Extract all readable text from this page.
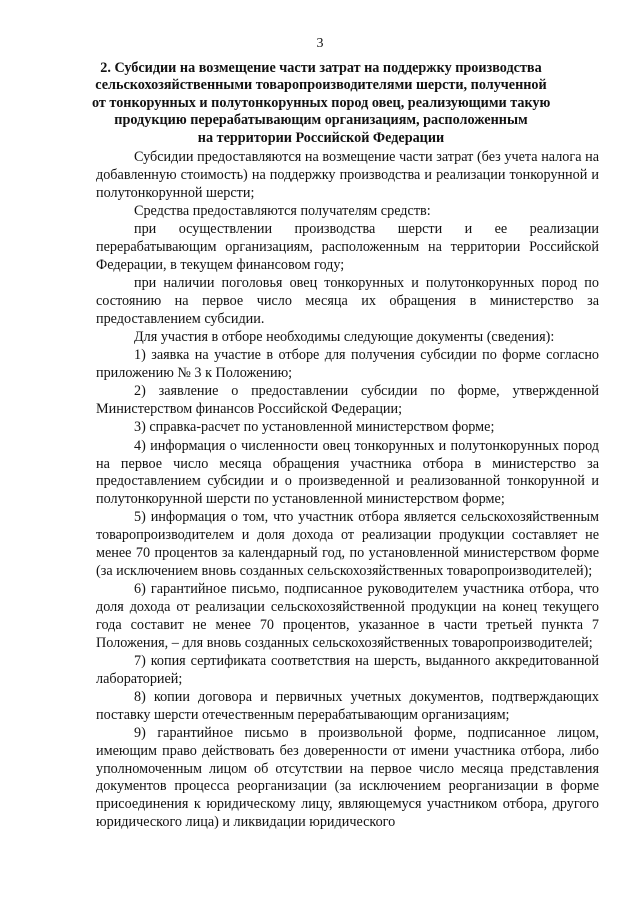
3
2. Субсидии на возмещение части затрат на поддержку производства
сельскохозяйственными товаропроизводителями шерсти, полученной
от тонкорунных и полутонкорунных пород овец, реализующими такую
продукцию перерабатывающим организациям, расположенным
на территории Российской Федерации

Субсидии предоставляются на возмещение части затрат (без учета налога на добавленную стоимость) на поддержку производства и реализации тонкорунной и полутонкорунной шерсти;

Средства предоставляются получателям средств:

при осуществлении производства шерсти и ее реализации перерабатывающим организациям, расположенным на территории Российской Федерации, в текущем финансовом году;

при наличии поголовья овец тонкорунных и полутонкорунных пород по состоянию на первое число месяца их обращения в министерство за предоставлением субсидии.

Для участия в отборе необходимы следующие документы (сведения):

1) заявка на участие в отборе для получения субсидии по форме согласно приложению № 3 к Положению;

2) заявление о предоставлении субсидии по форме, утвержденной Министерством финансов Российской Федерации;

3) справка-расчет по установленной министерством форме;

4) информация о численности овец тонкорунных и полутонкорунных пород на первое число месяца обращения участника отбора в министерство за предоставлением субсидии и о произведенной и реализованной тонкорунной и полутонкорунной шерсти по установленной министерством форме;

5) информация о том, что участник отбора является сельскохозяйственным товаропроизводителем и доля дохода от реализации продукции составляет не менее 70 процентов за календарный год, по установленной министерством форме (за исключением вновь созданных сельскохозяйственных товаропроизводителей);

6) гарантийное письмо, подписанное руководителем участника отбора, что доля дохода от реализации сельскохозяйственной продукции на конец текущего года составит не менее 70 процентов, указанное в части третьей пункта 7 Положения, – для вновь созданных сельскохозяйственных товаропроизводителей;

7) копия сертификата соответствия на шерсть, выданного аккредитованной лабораторией;

8) копии договора и первичных учетных документов, подтверждающих поставку шерсти отечественным перерабатывающим организациям;

9) гарантийное письмо в произвольной форме, подписанное лицом, имеющим право действовать без доверенности от имени участника отбора, либо уполномоченным лицом об отсутствии на первое число месяца представления документов процесса реорганизации (за исключением реорганизации в форме присоединения к юридическому лицу, являющемуся участником отбора, другого юридического лица) и ликвидации юридического
